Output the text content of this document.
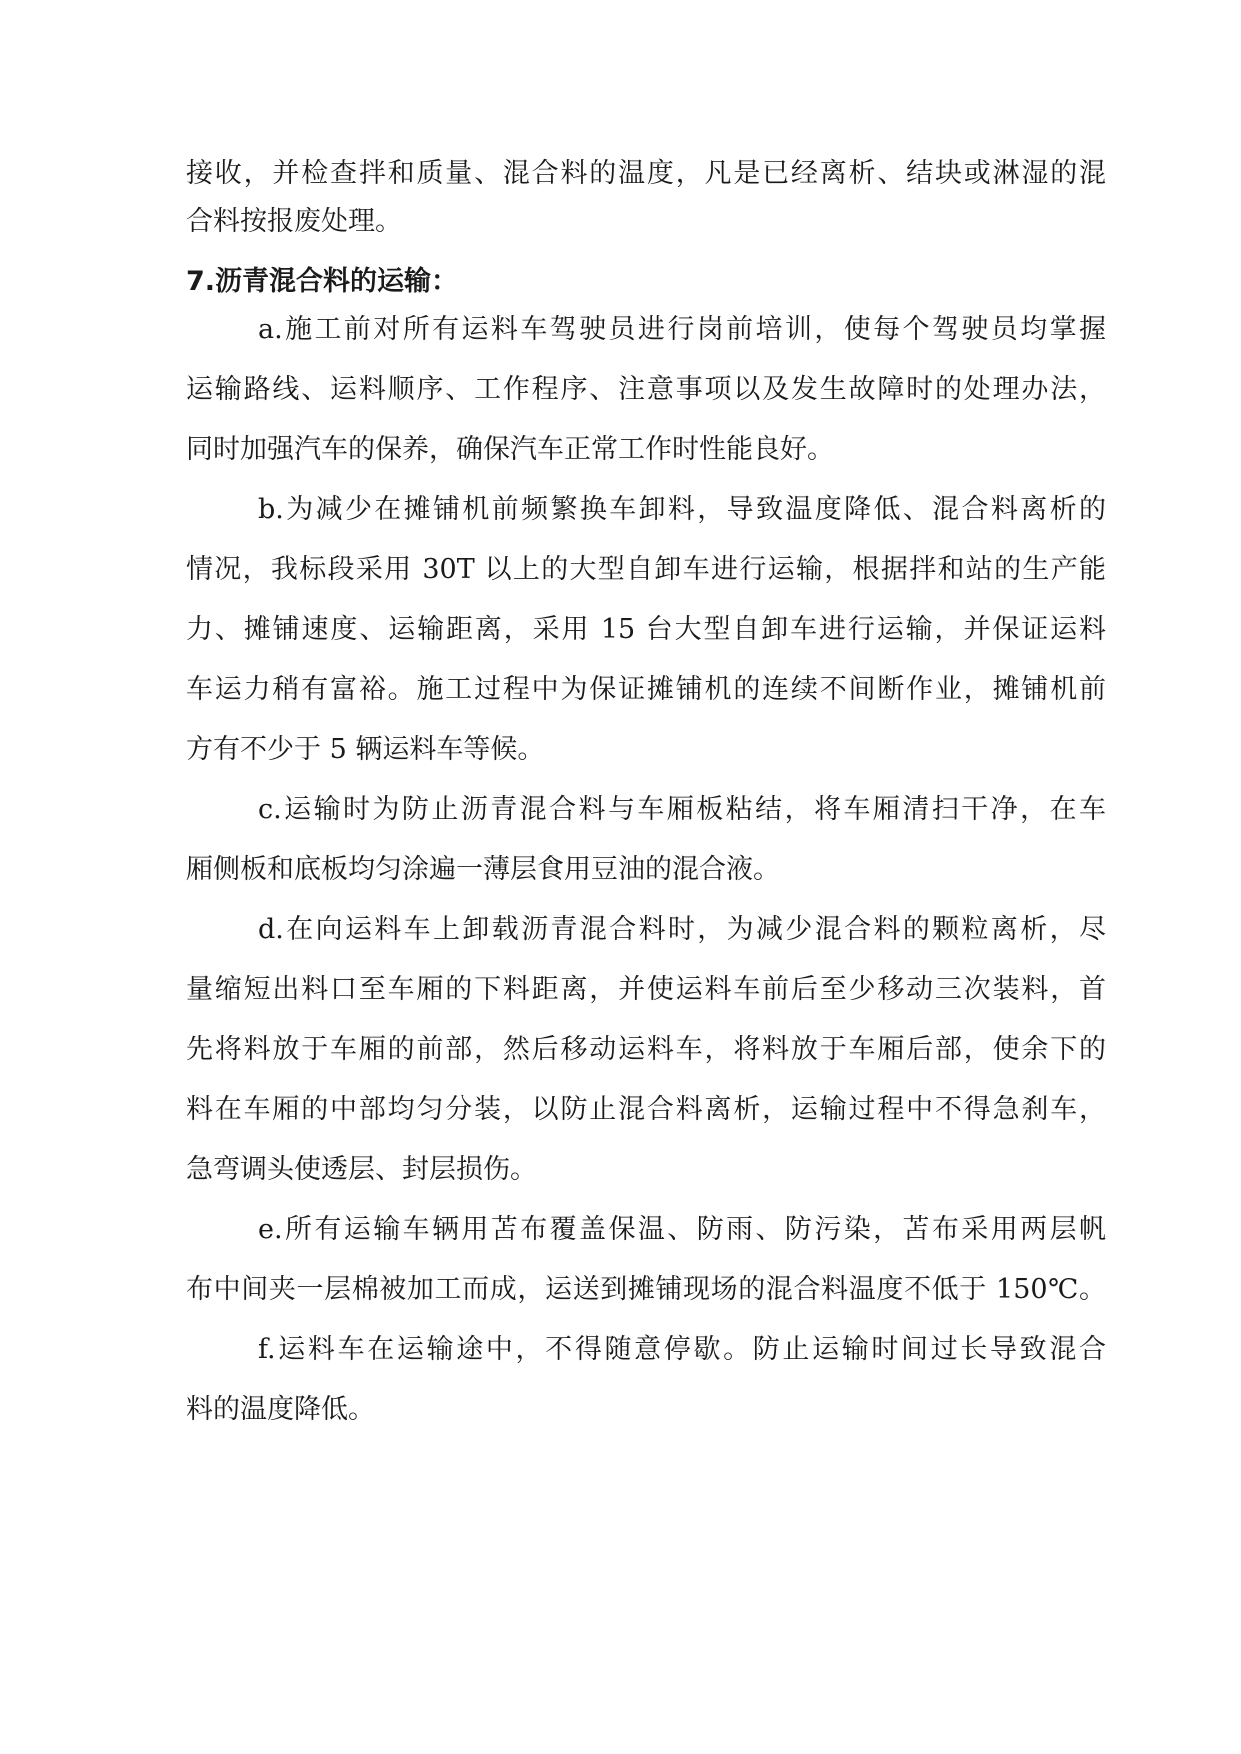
接收，并检查拌和质量、混合料的温度，凡是已经离析、结块或淋湿的混
合料按报废处理。
7.沥青混合料的运输：
a.施工前对所有运料车驾驶员进行岗前培训，使每个驾驶员均掌握
运输路线、运料顺序、工作程序、注意事项以及发生故障时的处理办法，
同时加强汽车的保养，确保汽车正常工作时性能良好。
b.为减少在摊铺机前频繁换车卸料，导致温度降低、混合料离析的
情况，我标段采用 30T 以上的大型自卸车进行运输，根据拌和站的生产能
力、摊铺速度、运输距离，采用 15 台大型自卸车进行运输，并保证运料
车运力稍有富裕。施工过程中为保证摊铺机的连续不间断作业，摊铺机前
方有不少于 5 辆运料车等候。
c.运输时为防止沥青混合料与车厢板粘结，将车厢清扫干净，在车
厢侧板和底板均匀涂遍一薄层食用豆油的混合液。
d.在向运料车上卸载沥青混合料时，为减少混合料的颗粒离析，尽
量缩短出料口至车厢的下料距离，并使运料车前后至少移动三次装料，首
先将料放于车厢的前部，然后移动运料车，将料放于车厢后部，使余下的
料在车厢的中部均匀分装，以防止混合料离析，运输过程中不得急刹车，
急弯调头使透层、封层损伤。
e.所有运输车辆用苫布覆盖保温、防雨、防污染，苫布采用两层帆
布中间夹一层棉被加工而成，运送到摊铺现场的混合料温度不低于 150℃。
f.运料车在运输途中，不得随意停歇。防止运输时间过长导致混合
料的温度降低。
